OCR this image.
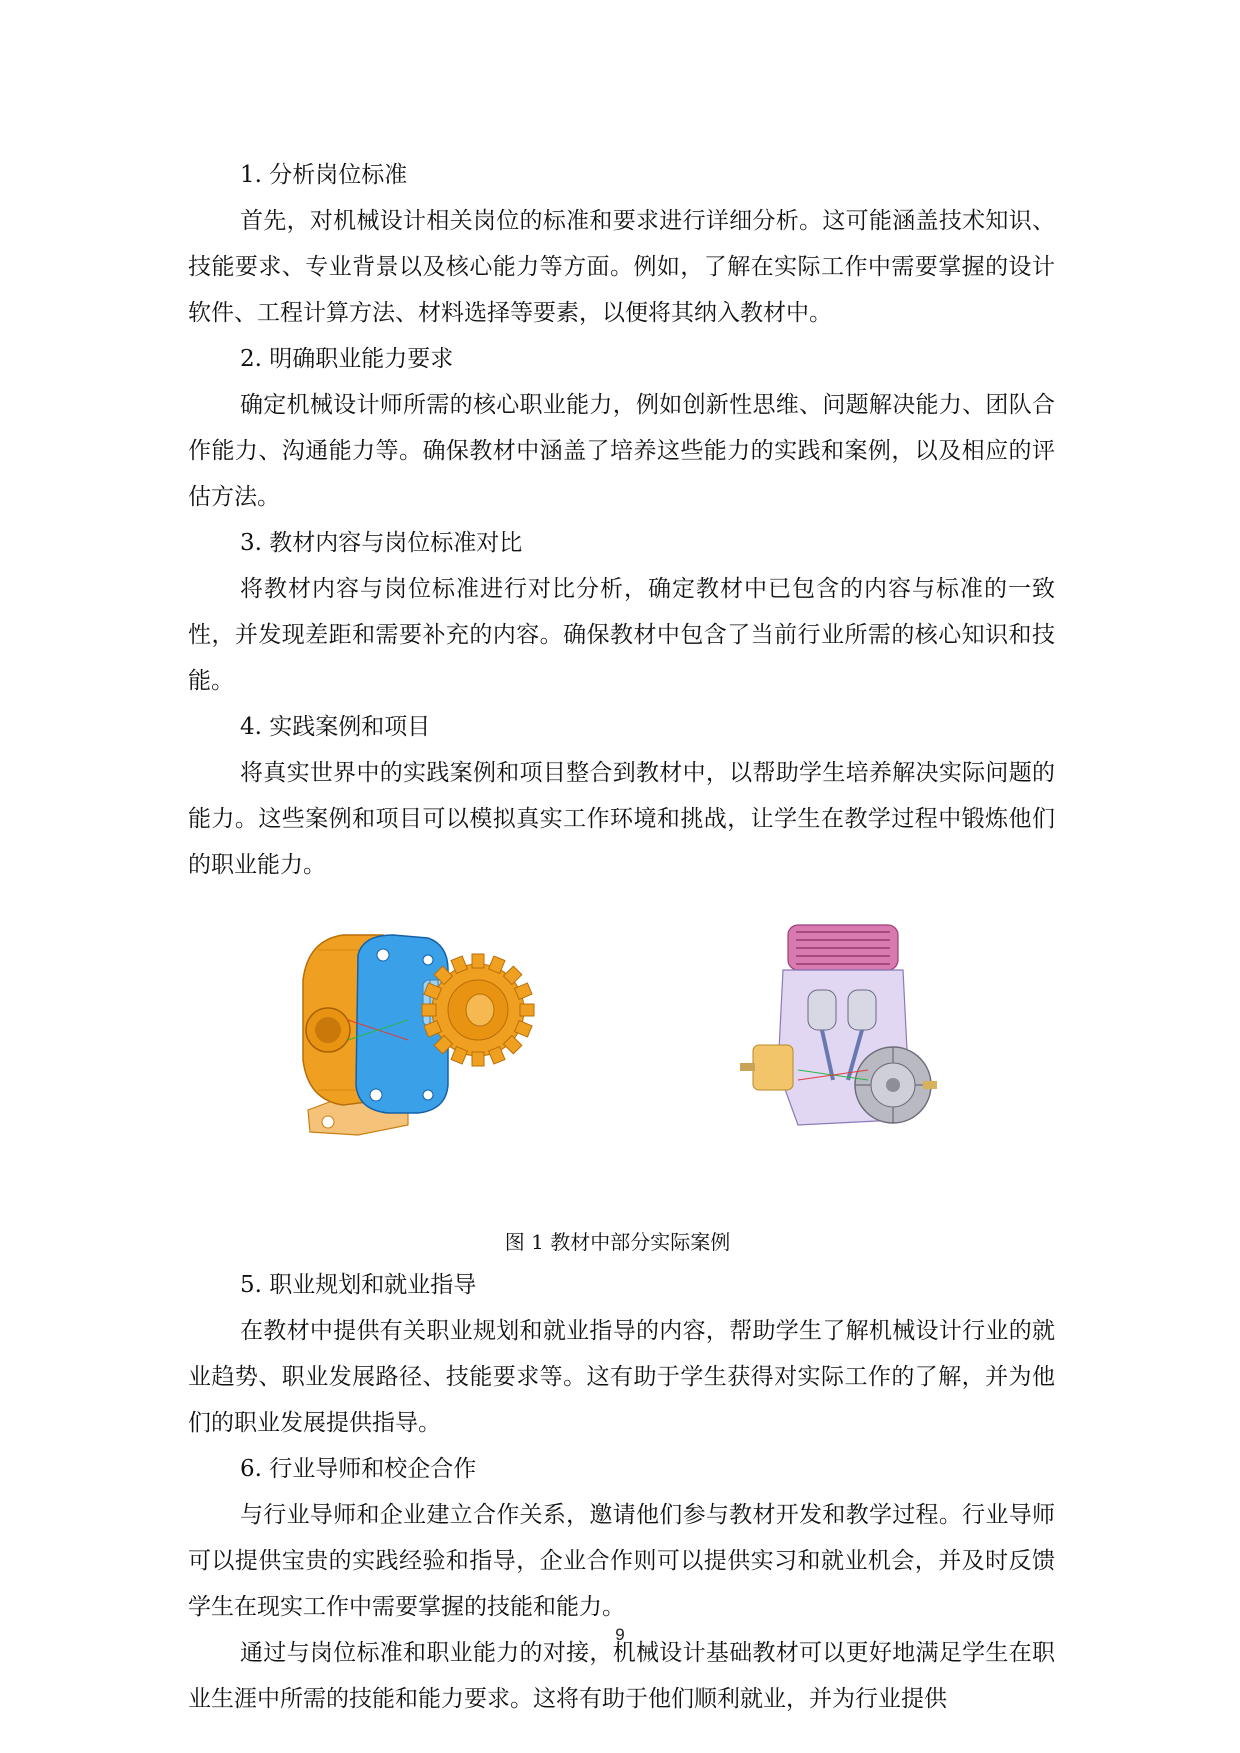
1. 分析岗位标准

首先，对机械设计相关岗位的标准和要求进行详细分析。这可能涵盖技术知识、技能要求、专业背景以及核心能力等方面。例如，了解在实际工作中需要掌握的设计软件、工程计算方法、材料选择等要素，以便将其纳入教材中。

2. 明确职业能力要求

确定机械设计师所需的核心职业能力，例如创新性思维、问题解决能力、团队合作能力、沟通能力等。确保教材中涵盖了培养这些能力的实践和案例，以及相应的评估方法。

3. 教材内容与岗位标准对比

将教材内容与岗位标准进行对比分析，确定教材中已包含的内容与标准的一致性，并发现差距和需要补充的内容。确保教材中包含了当前行业所需的核心知识和技能。

4. 实践案例和项目

将真实世界中的实践案例和项目整合到教材中，以帮助学生培养解决实际问题的能力。这些案例和项目可以模拟真实工作环境和挑战，让学生在教学过程中锻炼他们的职业能力。

图 1 教材中部分实际案例

5. 职业规划和就业指导

在教材中提供有关职业规划和就业指导的内容，帮助学生了解机械设计行业的就业趋势、职业发展路径、技能要求等。这有助于学生获得对实际工作的了解，并为他们的职业发展提供指导。

6. 行业导师和校企合作

与行业导师和企业建立合作关系，邀请他们参与教材开发和教学过程。行业导师可以提供宝贵的实践经验和指导，企业合作则可以提供实习和就业机会，并及时反馈学生在现实工作中需要掌握的技能和能力。

通过与岗位标准和职业能力的对接，机械设计基础教材可以更好地满足学生在职业生涯中所需的技能和能力要求。这将有助于他们顺利就业，并为行业提供

9
